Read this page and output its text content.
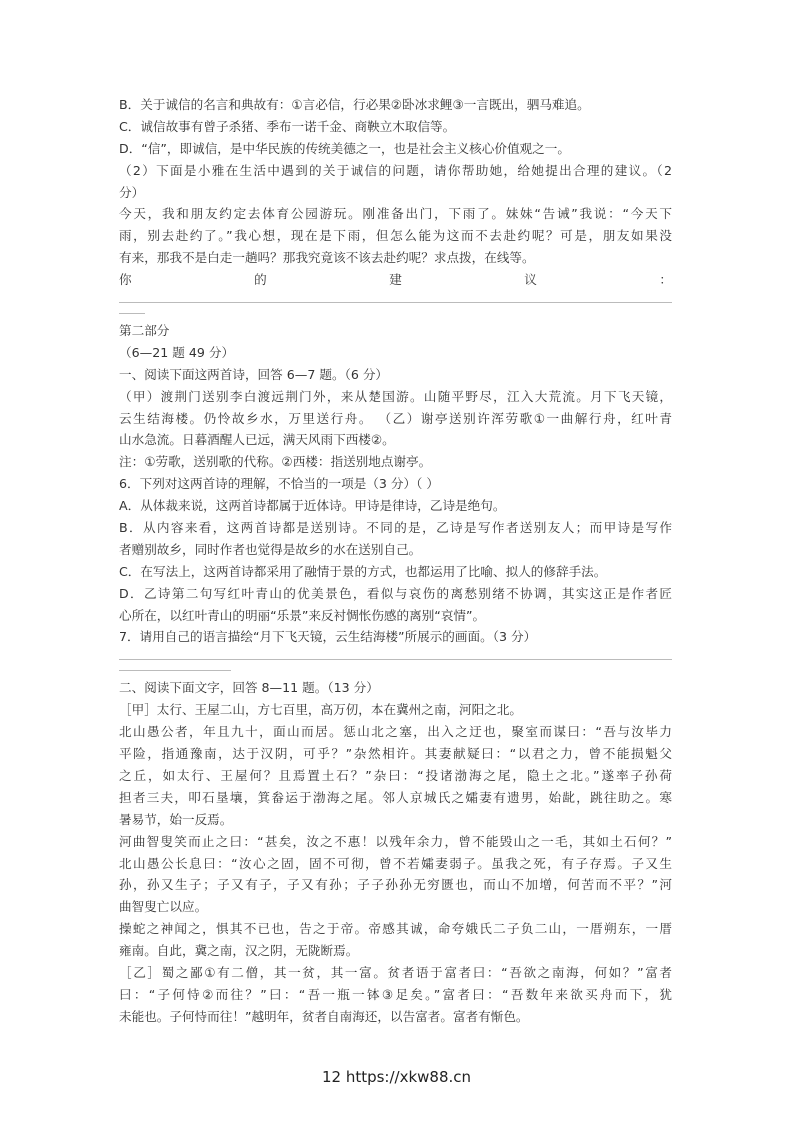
B．关于诚信的名言和典故有：①言必信，行必果②卧冰求鲤③一言既出，驷马难追。
C．诚信故事有曾子杀猪、季布一诺千金、商鞅立木取信等。
D．“信”，即诚信，是中华民族的传统美德之一，也是社会主义核心价值观之一。
（2）下面是小雅在生活中遇到的关于诚信的问题，请你帮助她，给她提出合理的建议。（2
分）
今天，我和朋友约定去体育公园游玩。刚准备出门，下雨了。妹妹“告诫”我说：“今天下
雨，别去赴约了。”我心想，现在是下雨，但怎么能为这而不去赴约呢？可是，朋友如果没
有来，那我不是白走一趟吗？那我究竟该不该去赴约呢？求点拨，在线等。
你 的 建 议 ：
第二部分
（6—21 题 49 分）
一、阅读下面这两首诗，回答 6—7 题。（6 分）
（甲）渡荆门送别李白渡远荆门外，来从楚国游。山随平野尽，江入大荒流。月下飞天镜，
云生结海楼。仍怜故乡水，万里送行舟。 （乙）谢亭送别许浑劳歌①一曲解行舟，红叶青
山水急流。日暮酒醒人已远，满天风雨下西楼②。
注：①劳歌，送别歌的代称。②西楼：指送别地点谢亭。
6．下列对这两首诗的理解，不恰当的一项是（3 分）（ ）
A．从体裁来说，这两首诗都属于近体诗。甲诗是律诗，乙诗是绝句。
B．从内容来看，这两首诗都是送别诗。不同的是，乙诗是写作者送别友人；而甲诗是写作
者赠别故乡，同时作者也觉得是故乡的水在送别自己。
C．在写法上，这两首诗都采用了融情于景的方式，也都运用了比喻、拟人的修辞手法。
D．乙诗第二句写红叶青山的优美景色，看似与哀伤的离愁别绪不协调，其实这正是作者匠
心所在，以红叶青山的明丽“乐景”来反衬惆怅伤感的离别“哀情”。
7．请用自己的语言描绘“月下飞天镜，云生结海楼”所展示的画面。（3 分）
二、阅读下面文字，回答 8—11 题。（13 分）
［甲］太行、王屋二山，方七百里，高万仞，本在冀州之南，河阳之北。
北山愚公者，年且九十，面山而居。惩山北之塞，出入之迂也，聚室而谋曰：“吾与汝毕力
平险，指通豫南，达于汉阴，可乎？”杂然相许。其妻献疑曰：“以君之力，曾不能损魁父
之丘，如太行、王屋何？且焉置土石？”杂曰：“投诸渤海之尾，隐土之北。”遂率子孙荷
担者三夫，叩石垦壤，箕畚运于渤海之尾。邻人京城氏之孀妻有遗男，始龀，跳往助之。寒
暑易节，始一反焉。
河曲智叟笑而止之曰：“甚矣，汝之不惠！以残年余力，曾不能毁山之一毛，其如土石何？”
北山愚公长息曰：“汝心之固，固不可彻，曾不若孀妻弱子。虽我之死，有子存焉。子又生
孙，孙又生子；子又有子，子又有孙；子子孙孙无穷匮也，而山不加增，何苦而不平？”河
曲智叟亡以应。
操蛇之神闻之，惧其不已也，告之于帝。帝感其诚，命夸娥氏二子负二山，一厝朔东，一厝
雍南。自此，冀之南，汉之阴，无陇断焉。
［乙］蜀之鄙①有二僧，其一贫，其一富。贫者语于富者曰：“吾欲之南海，何如？”富者
曰：“子何恃②而往？”曰：“吾一瓶一钵③足矣。”富者曰：“吾数年来欲买舟而下，犹
未能也。子何恃而往！”越明年，贫者自南海还，以告富者。富者有惭色。
12 https://xkw88.cn
